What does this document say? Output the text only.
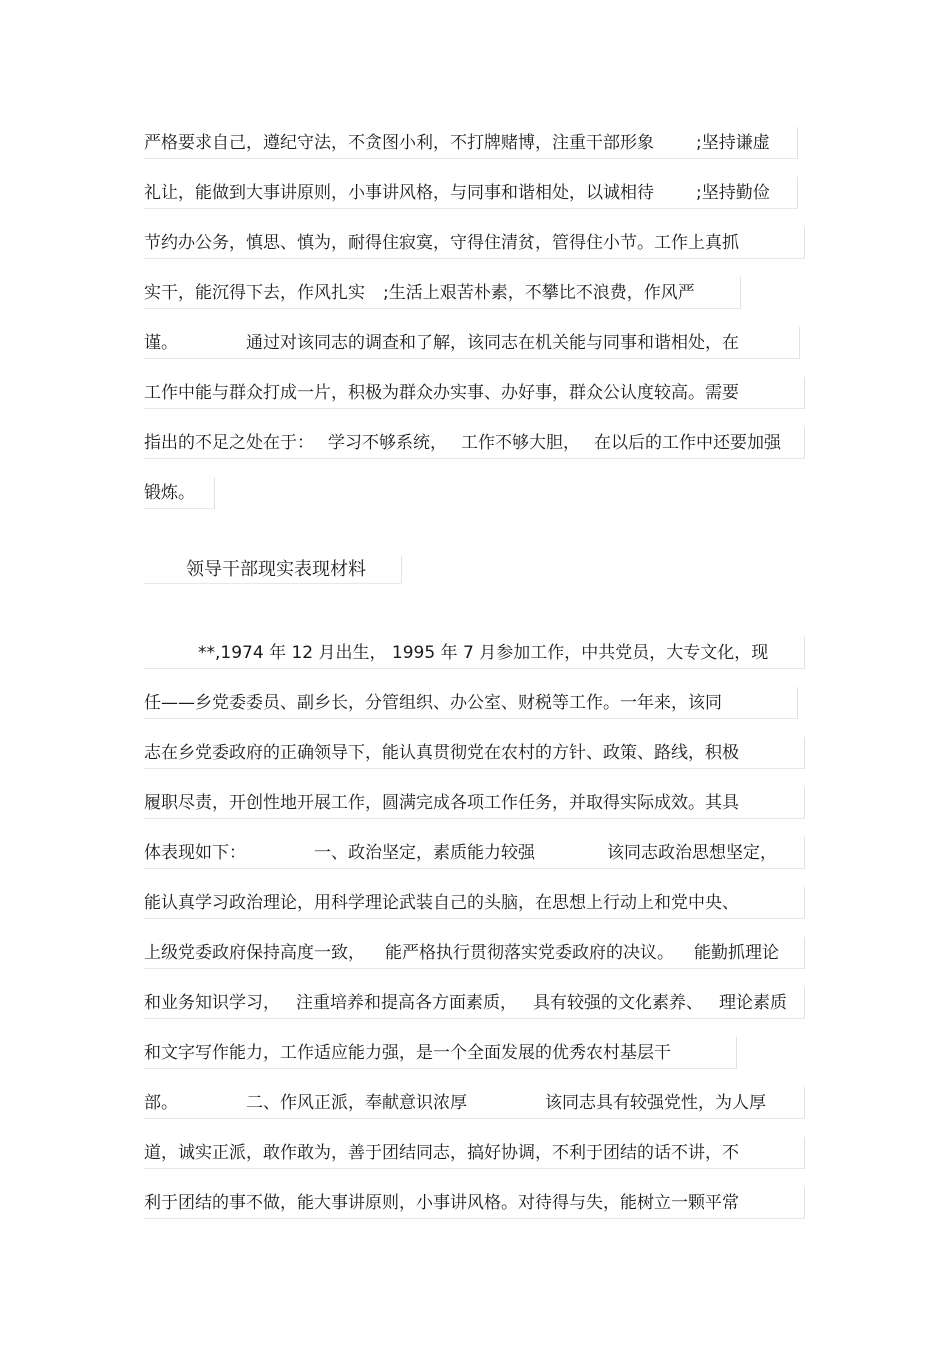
严格要求自己，遵纪守法，不贪图小利，不打牌赌博，注重干部形象 ;坚持谦虚
礼让，能做到大事讲原则，小事讲风格，与同事和谐相处，以诚相待 ;坚持勤俭
节约办公务，慎思、慎为，耐得住寂寞，守得住清贫，管得住小节。工作上真抓
实干，能沉得下去，作风扎实 ;生活上艰苦朴素，不攀比不浪费，作风严
谨。	通过对该同志的调查和了解，该同志在机关能与同事和谐相处，在
工作中能与群众打成一片，积极为群众办实事、办好事，群众公认度较高。需要
指出的不足之处在于： 学习不够系统， 工作不够大胆， 在以后的工作中还要加强
锻炼。
领导干部现实表现材料
**,1974 年 12 月出生， 1995 年 7 月参加工作，中共党员，大专文化，现
任——乡党委委员、副乡长，分管组织、办公室、财税等工作。一年来，该同
志在乡党委政府的正确领导下，能认真贯彻党在农村的方针、政策、路线，积极
履职尽责，开创性地开展工作，圆满完成各项工作任务，并取得实际成效。其具
体表现如下：	一、政治坚定，素质能力较强	该同志政治思想坚定，
能认真学习政治理论，用科学理论武装自己的头脑，在思想上行动上和党中央、
上级党委政府保持高度一致， 能严格执行贯彻落实党委政府的决议。 能勤抓理论
和业务知识学习， 注重培养和提高各方面素质， 具有较强的文化素养、 理论素质
和文字写作能力，工作适应能力强，是一个全面发展的优秀农村基层干
部。	二、作风正派，奉献意识浓厚	该同志具有较强党性，为人厚
道，诚实正派，敢作敢为，善于团结同志，搞好协调，不利于团结的话不讲，不
利于团结的事不做，能大事讲原则，小事讲风格。对待得与失，能树立一颗平常
